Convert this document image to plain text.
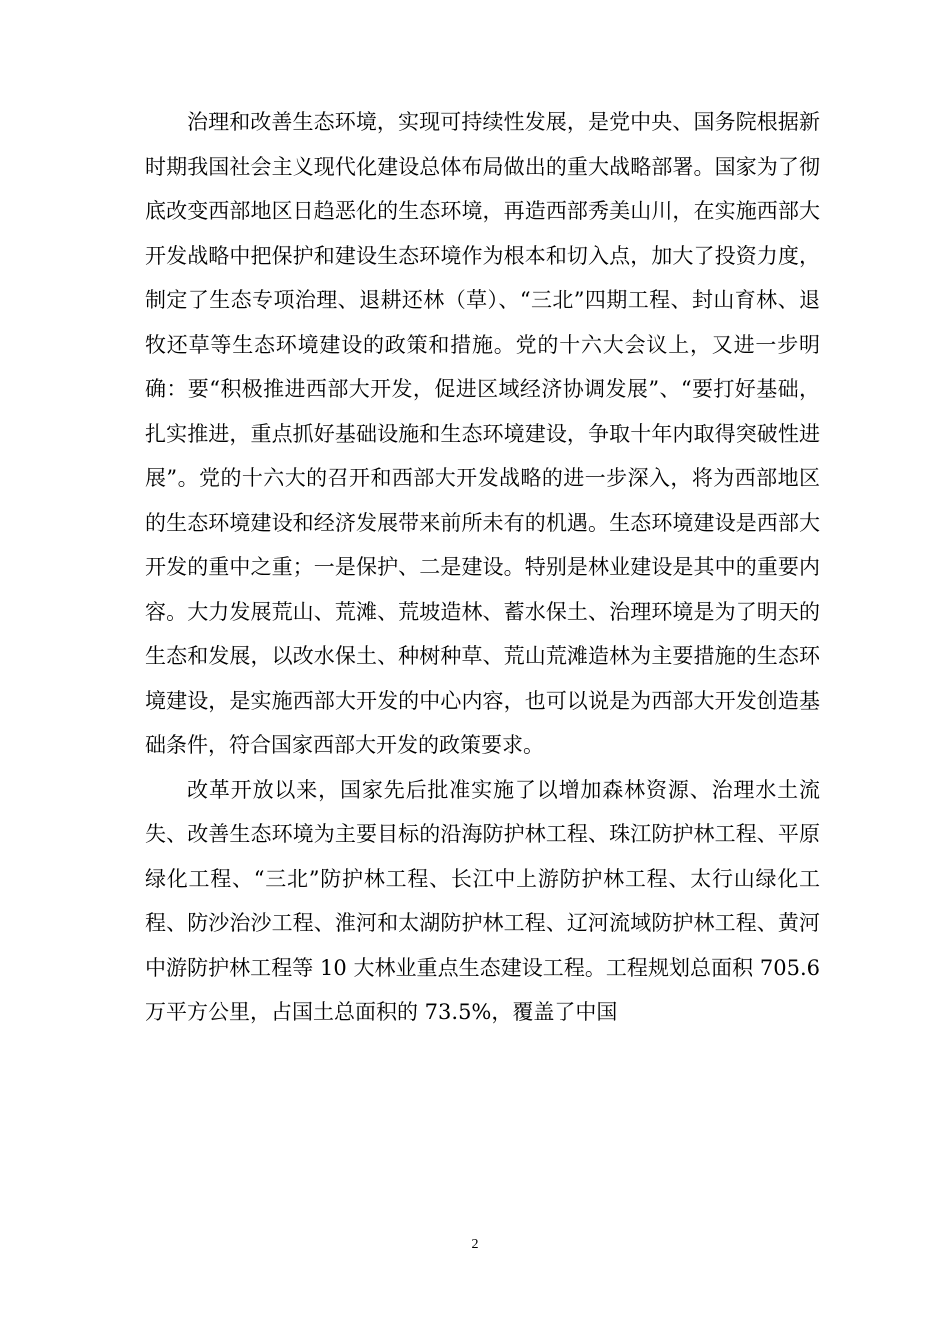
治理和改善生态环境，实现可持续性发展，是党中央、国务院根据新时期我国社会主义现代化建设总体布局做出的重大战略部署。国家为了彻底改变西部地区日趋恶化的生态环境，再造西部秀美山川，在实施西部大开发战略中把保护和建设生态环境作为根本和切入点，加大了投资力度，制定了生态专项治理、退耕还林（草）、“三北”四期工程、封山育林、退牧还草等生态环境建设的政策和措施。党的十六大会议上，又进一步明确：要“积极推进西部大开发，促进区域经济协调发展”、“要打好基础，扎实推进，重点抓好基础设施和生态环境建设，争取十年内取得突破性进展”。党的十六大的召开和西部大开发战略的进一步深入，将为西部地区的生态环境建设和经济发展带来前所未有的机遇。生态环境建设是西部大开发的重中之重；一是保护、二是建设。特别是林业建设是其中的重要内容。大力发展荒山、荒滩、荒坡造林、蓄水保土、治理环境是为了明天的生态和发展，以改水保土、种树种草、荒山荒滩造林为主要措施的生态环境建设，是实施西部大开发的中心内容，也可以说是为西部大开发创造基础条件，符合国家西部大开发的政策要求。

改革开放以来，国家先后批准实施了以增加森林资源、治理水土流失、改善生态环境为主要目标的沿海防护林工程、珠江防护林工程、平原绿化工程、“三北”防护林工程、长江中上游防护林工程、太行山绿化工程、防沙治沙工程、淮河和太湖防护林工程、辽河流域防护林工程、黄河中游防护林工程等 10 大林业重点生态建设工程。工程规划总面积 705.6 万平方公里，占国土总面积的 73.5%，覆盖了中国

2
